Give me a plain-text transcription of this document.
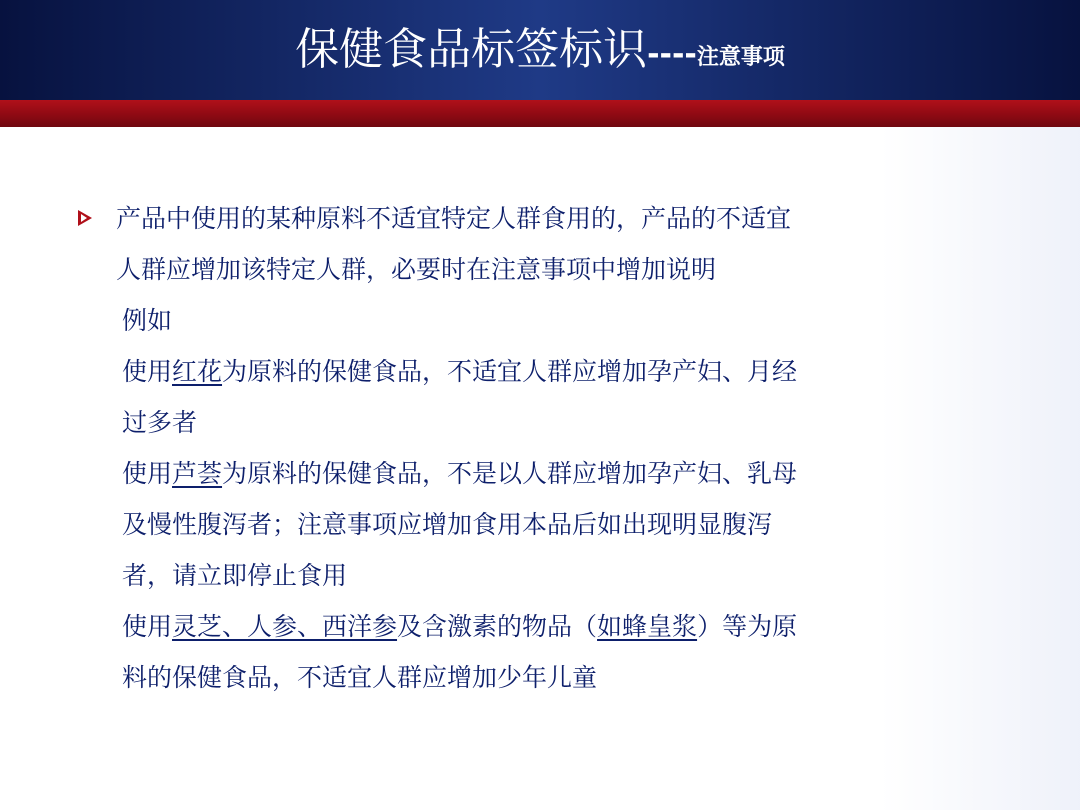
保健食品标签标识----注意事项
产品中使用的某种原料不适宜特定人群食用的，产品的不适宜
人群应增加该特定人群，必要时在注意事项中增加说明
例如
使用红花为原料的保健食品，不适宜人群应增加孕产妇、月经
过多者
使用芦荟为原料的保健食品，不是以人群应增加孕产妇、乳母
及慢性腹泻者；注意事项应增加食用本品后如出现明显腹泻
者，请立即停止食用
使用灵芝、人参、西洋参及含激素的物品（如蜂皇浆）等为原
料的保健食品，不适宜人群应增加少年儿童
